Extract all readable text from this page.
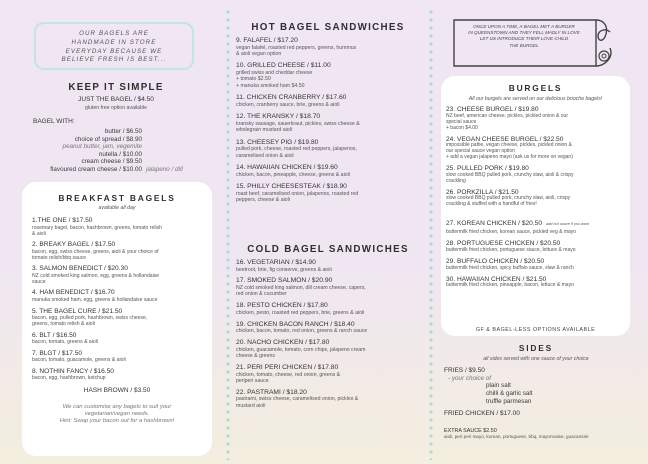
OUR BAGELS ARE
HANDMADE IN STORE
EVERYDAY BECAUSE WE
BELIEVE FRESH IS BEST...
KEEP IT SIMPLE
JUST THE BAGEL / $4.50
gluten free option available
BAGEL WITH:
butter / $6.50
choice of spread / $8.90
peanut butter, jam, vegemite
nutella / $10.00
cream cheese / $9.50
flavoured cream cheese / $10.00 jalapeno / dill
BREAKFAST BAGELS
available all day
1.THE ONE / $17.50
rosemary bagel, bacon, hashbrown, greens, tomato relish
& aioli
2. BREAKY BAGEL / $17.50
bacon, egg, swiss cheese, greens, aioli & your choice of
tomato relish/bbq sauce
3. SALMON BENEDICT / $20.30
NZ cold smoked king salmon, egg, greens & hollandaise
sauce
4. HAM BENEDICT / $16.70
manuka smoked ham, egg, greens & hollandaise sauce
5. THE BAGEL CURE / $21.50
bacon, egg, pulled pork, hashbrown, swiss cheese,
greens, tomato relish & aioli
6. BLT / $16.50
bacon, tomato, greens & aioli
7. BLGT / $17.50
bacon, tomato, guacamole, greens & aioli
8. NOTHIN FANCY / $16.50
bacon, egg, hashbrown, ketchup
HASH BROWN / $3.50
We can customise any bagels to suit your
vegetarian/vegan needs.
Hint: Swap your bacon out for a hashbrown!
HOT BAGEL SANDWICHES
9. FALAFEL / $17.20
vegan falafel, roasted red peppers, greens, hummus
& aioli vegan option
10. GRILLED CHEESE / $11.00
grilled swiss and cheddar cheese
+ tomato $2.50
+ manuka smoked ham $4.50
11. CHICKEN CRANBERRY / $17.60
chicken, cranberry sauce, brie, greens & aioli
12. THE KRANSKY / $18.70
kransky sausage, sauerkraut, pickles, swiss cheese &
wholegrain mustard aioli
13. CHEESEY PIG / $19.80
pulled pork, cheese, roasted red peppers, jalapenos,
caramelised onion & aioli
14. HAWAIIAN CHICKEN / $19.60
chicken, bacon, pineapple, cheese, greens & aioli
15. PHILLY CHEESESTEAK / $18.90
roast beef, caramelised onion, jalapenos, roasted red
peppers, cheese & aioli
COLD BAGEL SANDWICHES
16. VEGETARIAN / $14.90
beetroot, brie, fig conserve, greens & aioli
17. SMOKED SALMON / $20.90
NZ cold smoked king salmon, dill cream cheese, capers,
red onion & cucumber
18. PESTO CHICKEN / $17.80
chicken, pesto, roasted red peppers, brie, greens & aioli
19. CHICKEN BACON RANCH / $18.40
chicken, bacon, tomato, red onion, greens & ranch sauce
20. NACHO CHICKEN / $17.80
chicken, guacamole, tomato, corn chips, jalapeno cream
cheese & greens
21. PERI PERI CHICKEN / $17.80
chicken, tomato, cheese, red onion, greens &
periperi sauce
22. PASTRAMI / $18.20
pastrami, swiss cheese, caramelised onion, pickles &
mustard aioli
ONCE UPON A TIME, A BAGEL MET A BURGER
IN QUEENSTOWN AND THEY FELL MADLY IN LOVE
LET US INTRODUCE THEIR LOVE CHILD
THE BURGEL
BURGELS
All our burgels are served on our delicious brioche bagels!
23. CHEESE BURGEL / $19.80
NZ beef, american cheese, pickles, pickled onion & our
special sauce
+ bacon $4.00
24. VEGAN CHEESE BURGEL / $22.50
impossible pattie, vegan cheese, pickles, pickled onion &
our special sauce vegan option
+ add a vegan jalapeno mayo (ask us for more on vegan)
25. PULLED PORK / $19.80
slow cooked BBQ pulled pork, crunchy slaw, aioli & crispy
crackling
26. PORKZILLA / $21.50
slow cooked BBQ pulled pork, crunchy slaw, aioli, crispy
crackling & stuffed with a handful of fries!
27. KOREAN CHICKEN / $20.50 add hot sauce if you want
buttermilk fried chicken, korean sauce, pickled veg & mayo
28. PORTUGUESE CHICKEN / $20.50
buttermilk fried chicken, portuguese sauce, lettuce & mayo
29. BUFFALO CHICKEN / $20.50
buttermilk fried chicken, spicy buffalo sauce, slaw & ranch
30. HAWAIIAN CHICKEN / $21.50
buttermilk fried chicken, pineapple, bacon, lettuce & mayo
GF & BAGEL-LESS OPTIONS AVAILABLE
SIDES
all sides served with one sauce of your choice
FRIES / $9.50
- your choice of
plain salt
chilli & garlic salt
truffle parmesan
FRIED CHICKEN / $17.00
EXTRA SAUCE $2.50
aioli, peri peri mayo, korean, portuguese, bbq, mayonnaise, guacamole
